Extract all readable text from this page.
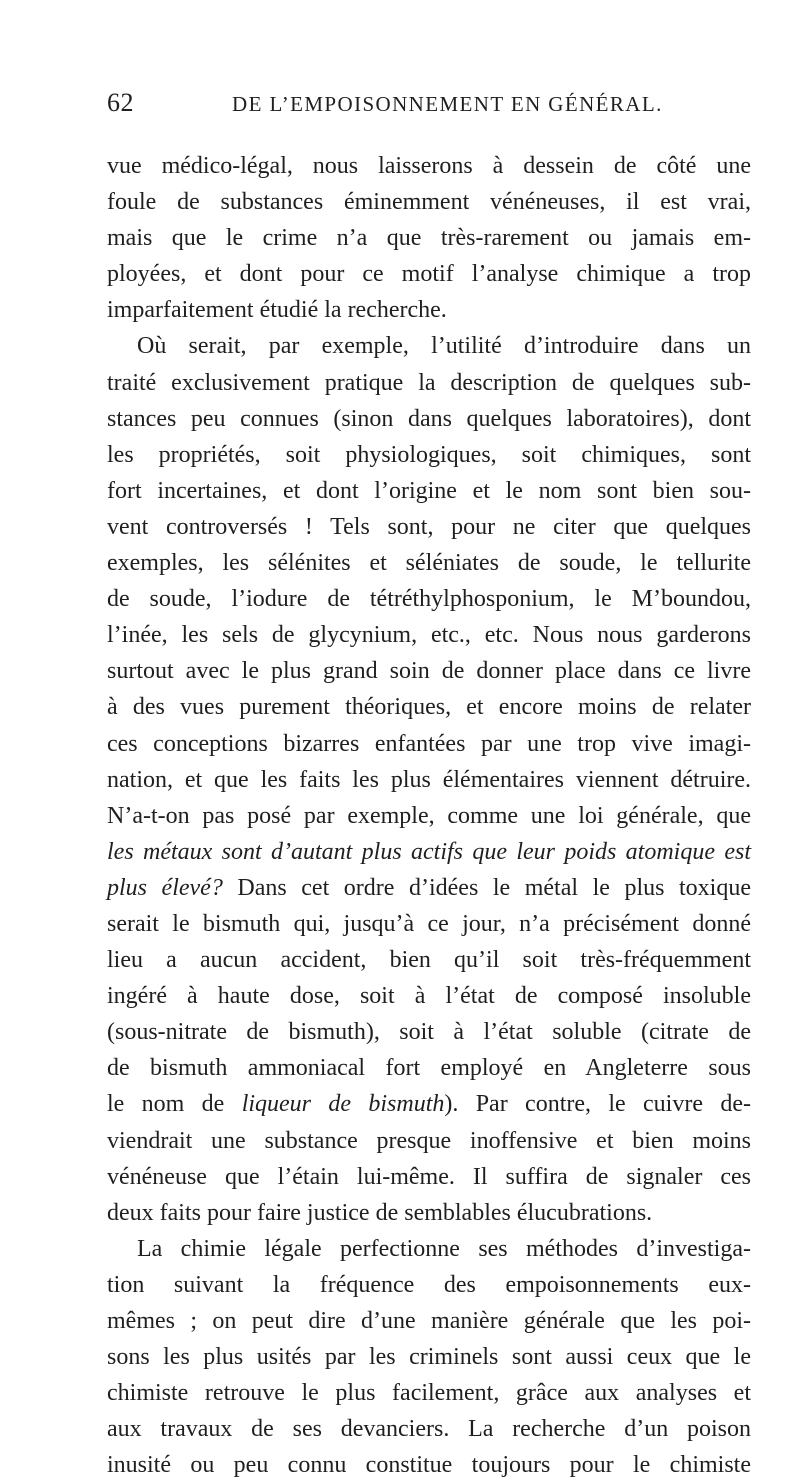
62	DE L’EMPOISONNEMENT EN GÉNÉRAL.
vue médico-légal, nous laisserons à dessein de côté une
foule de substances éminemment vénéneuses, il est vrai,
mais que le crime n’a que très-rarement ou jamais em-
ployées, et dont pour ce motif l’analyse chimique a trop
imparfaitement étudié la recherche.
Où serait, par exemple, l’utilité d’introduire dans un
traité exclusivement pratique la description de quelques sub-
stances peu connues (sinon dans quelques laboratoires), dont
les propriétés, soit physiologiques, soit chimiques, sont
fort incertaines, et dont l’origine et le nom sont bien sou-
vent controversés ! Tels sont, pour ne citer que quelques
exemples, les sélénites et séléniates de soude, le tellurite
de soude, l’iodure de tétréthylphosponium, le M’boundou,
l’inée, les sels de glycynium, etc., etc. Nous nous garderons
surtout avec le plus grand soin de donner place dans ce livre
à des vues purement théoriques, et encore moins de relater
ces conceptions bizarres enfantées par une trop vive imagi-
nation, et que les faits les plus élémentaires viennent détruire.
N’a-t-on pas posé par exemple, comme une loi générale, que
les métaux sont d’autant plus actifs que leur poids atomique est
plus élevé? Dans cet ordre d’idées le métal le plus toxique
serait le bismuth qui, jusqu’à ce jour, n’a précisément donné
lieu a aucun accident, bien qu’il soit très-fréquemment
ingéré à haute dose, soit à l’état de composé insoluble
(sous-nitrate de bismuth), soit à l’état soluble (citrate de
de bismuth ammoniacal fort employé en Angleterre sous
le nom de liqueur de bismuth). Par contre, le cuivre de-
viendrait une substance presque inoffensive et bien moins
vénéneuse que l’étain lui-même. Il suffira de signaler ces
deux faits pour faire justice de semblables élucubrations.
La chimie légale perfectionne ses méthodes d’investiga-
tion suivant la fréquence des empoisonnements eux-
mêmes ; on peut dire d’une manière générale que les poi-
sons les plus usités par les criminels sont aussi ceux que le
chimiste retrouve le plus facilement, grâce aux analyses et
aux travaux de ses devanciers. La recherche d’un poison
inusité ou peu connu constitue toujours pour le chimiste
